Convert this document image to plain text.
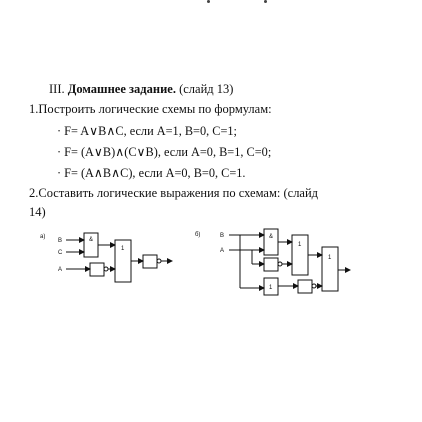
III. Домашнее задание. (слайд 13)
1.Построить логические схемы по формулам:
· F= A∨B∧C, если A=1, B=0, C=1;
· F= (A∨B)∧(C∨B), если A=0, B=1, C=0;
· F= (A∧B∧C), если A=0, B=0, C=1.
2.Составить логические выражения по схемам: (слайд
14)
а)
B
C
A
&
1
б)	B
A
&
1
1
1
